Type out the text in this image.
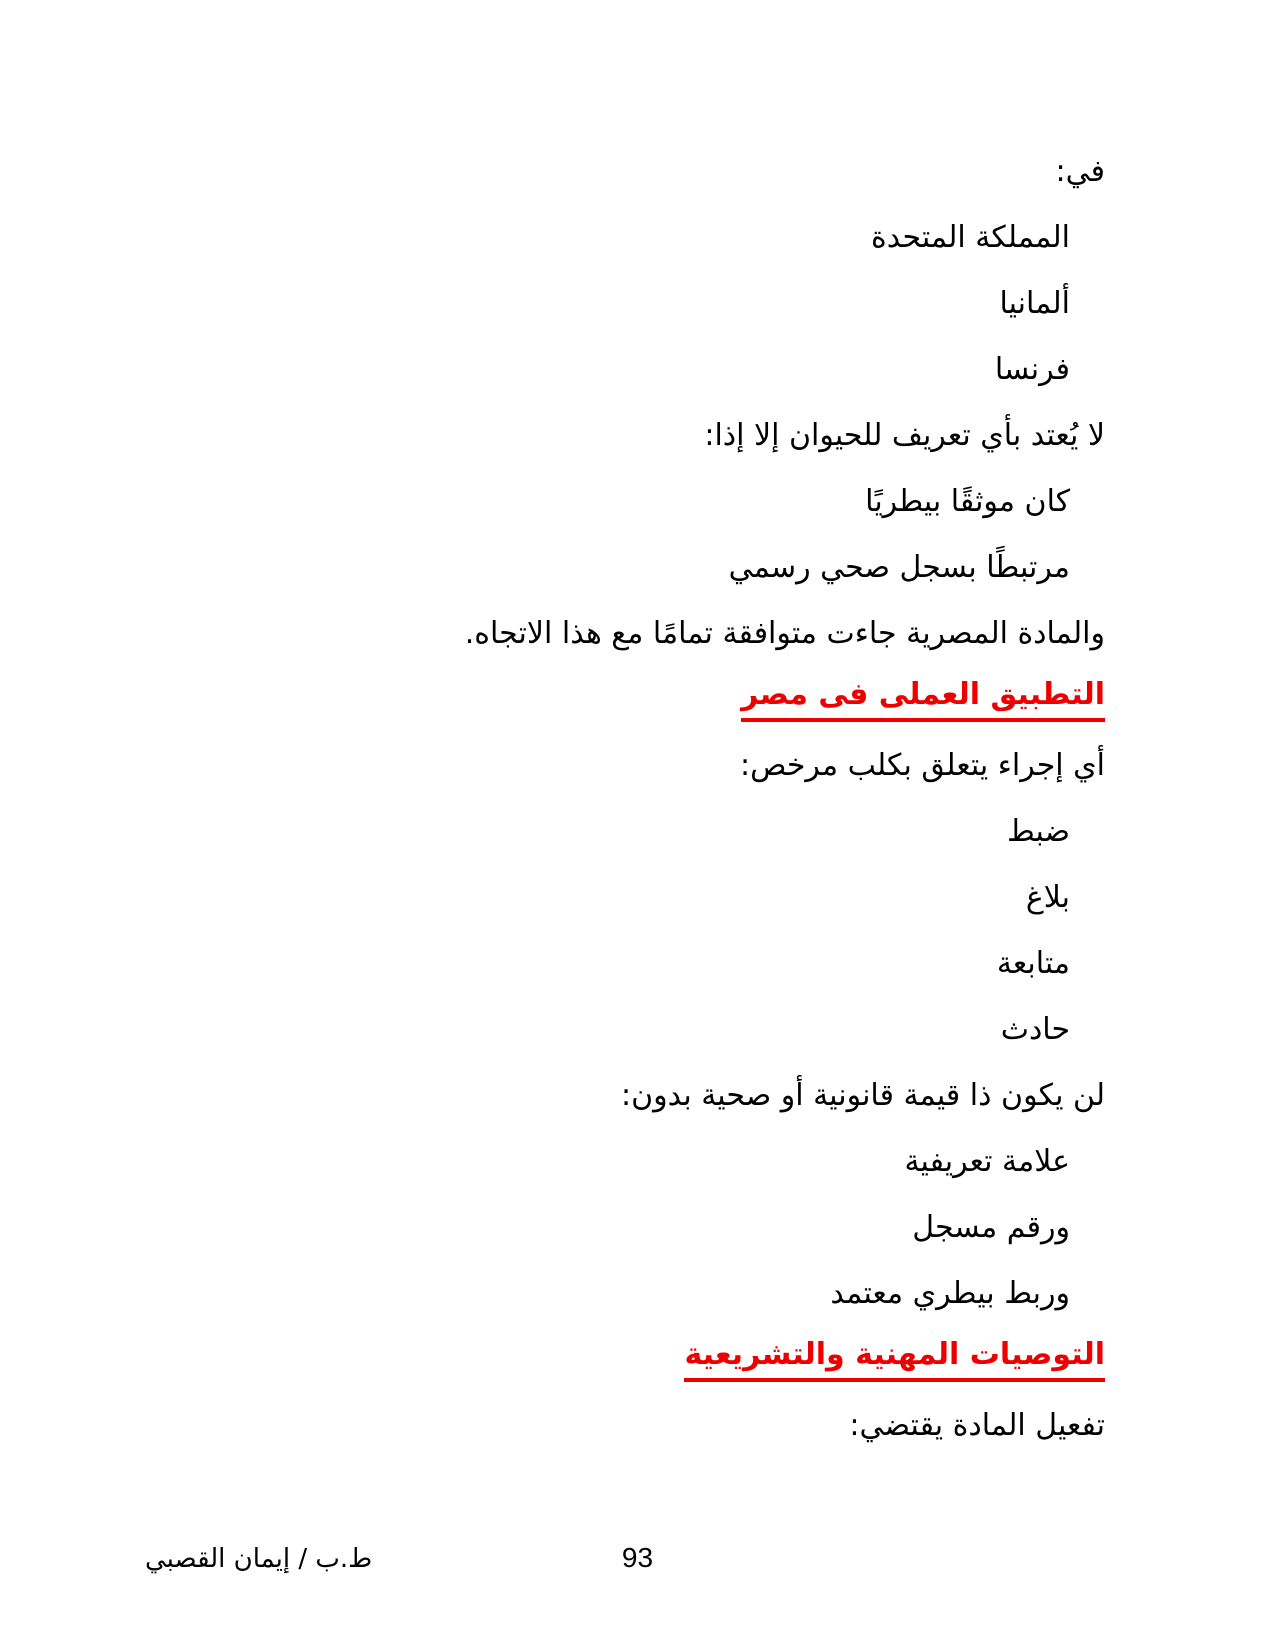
في:
المملكة المتحدة
ألمانيا
فرنسا
لا يُعتد بأي تعريف للحيوان إلا إذا:
كان موثقًا بيطريًا
مرتبطًا بسجل صحي رسمي
والمادة المصرية جاءت متوافقة تمامًا مع هذا الاتجاه.
التطبيق العملى فى مصر
أي إجراء يتعلق بكلب مرخص:
ضبط
بلاغ
متابعة
حادث
لن يكون ذا قيمة قانونية أو صحية بدون:
علامة تعريفية
ورقم مسجل
وربط بيطري معتمد
التوصيات المهنية والتشريعية
تفعيل المادة يقتضي:
93
ط.ب / إيمان القصبي
